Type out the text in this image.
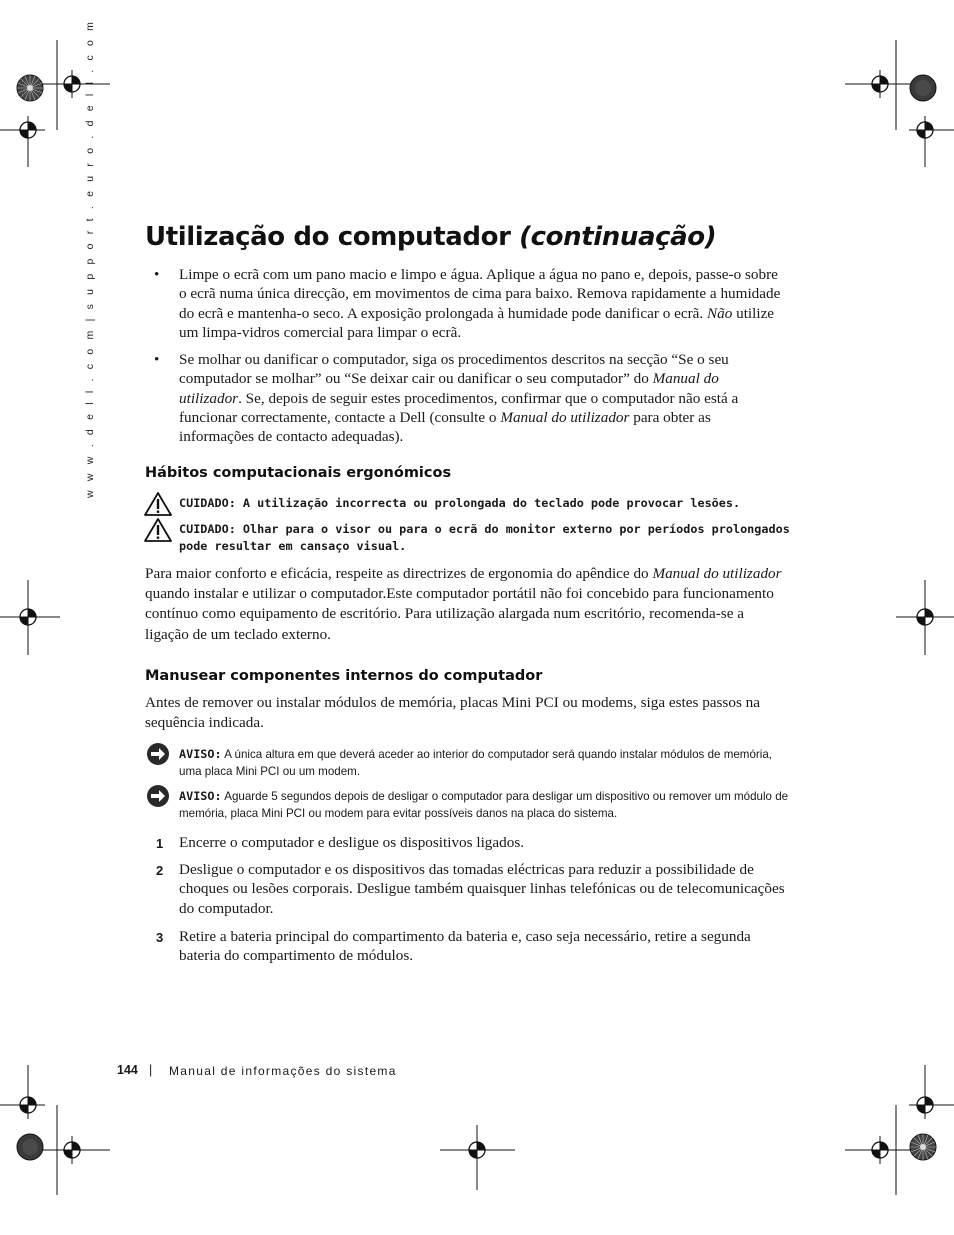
w w w . d e l l . c o m | s u p p o r t . e u r o . d e l l . c o m Utilização do computador (continuação)
• Limpe o ecrã com um pano macio e limpo e água. Aplique a água no pano e, depois, passe-o sobre o ecrã numa única direcção, em movimentos de cima para baixo. Remova rapidamente a humidade do ecrã e mantenha-o seco. A exposição prolongada à humidade pode danificar o ecrã. Não utilize um limpa-vidros comercial para limpar o ecrã.
• Se molhar ou danificar o computador, siga os procedimentos descritos na secção “Se o seu computador se molhar” ou “Se deixar cair ou danificar o seu computador” do Manual do utilizador. Se, depois de seguir estes procedimentos, confirmar que o computador não está a funcionar correctamente, contacte a Dell (consulte o Manual do utilizador para obter as informações de contacto adequadas).
Hábitos computacionais ergonómicos
CUIDADO: A utilização incorrecta ou prolongada do teclado pode provocar lesões.
CUIDADO: Olhar para o visor ou para o ecrã do monitor externo por períodos prolongados pode resultar em cansaço visual.
Para maior conforto e eficácia, respeite as directrizes de ergonomia do apêndice do Manual do utilizador quando instalar e utilizar o computador.Este computador portátil não foi concebido para funcionamento contínuo como equipamento de escritório. Para utilização alargada num escritório, recomenda-se a ligação de um teclado externo.
Manusear componentes internos do computador
Antes de remover ou instalar módulos de memória, placas Mini PCI ou modems, siga estes passos na sequência indicada.
AVISO: A única altura em que deverá aceder ao interior do computador será quando instalar módulos de memória, uma placa Mini PCI ou um modem.
AVISO: Aguarde 5 segundos depois de desligar o computador para desligar um dispositivo ou remover um módulo de memória, placa Mini PCI ou modem para evitar possíveis danos na placa do sistema.
1 Encerre o computador e desligue os dispositivos ligados.
2 Desligue o computador e os dispositivos das tomadas eléctricas para reduzir a possibilidade de choques ou lesões corporais. Desligue também quaisquer linhas telefónicas ou de telecomunicações do computador.
3 Retire a bateria principal do compartimento da bateria e, caso seja necessário, retire a segunda bateria do compartimento de módulos.
144 | Manual de informações do sistema
